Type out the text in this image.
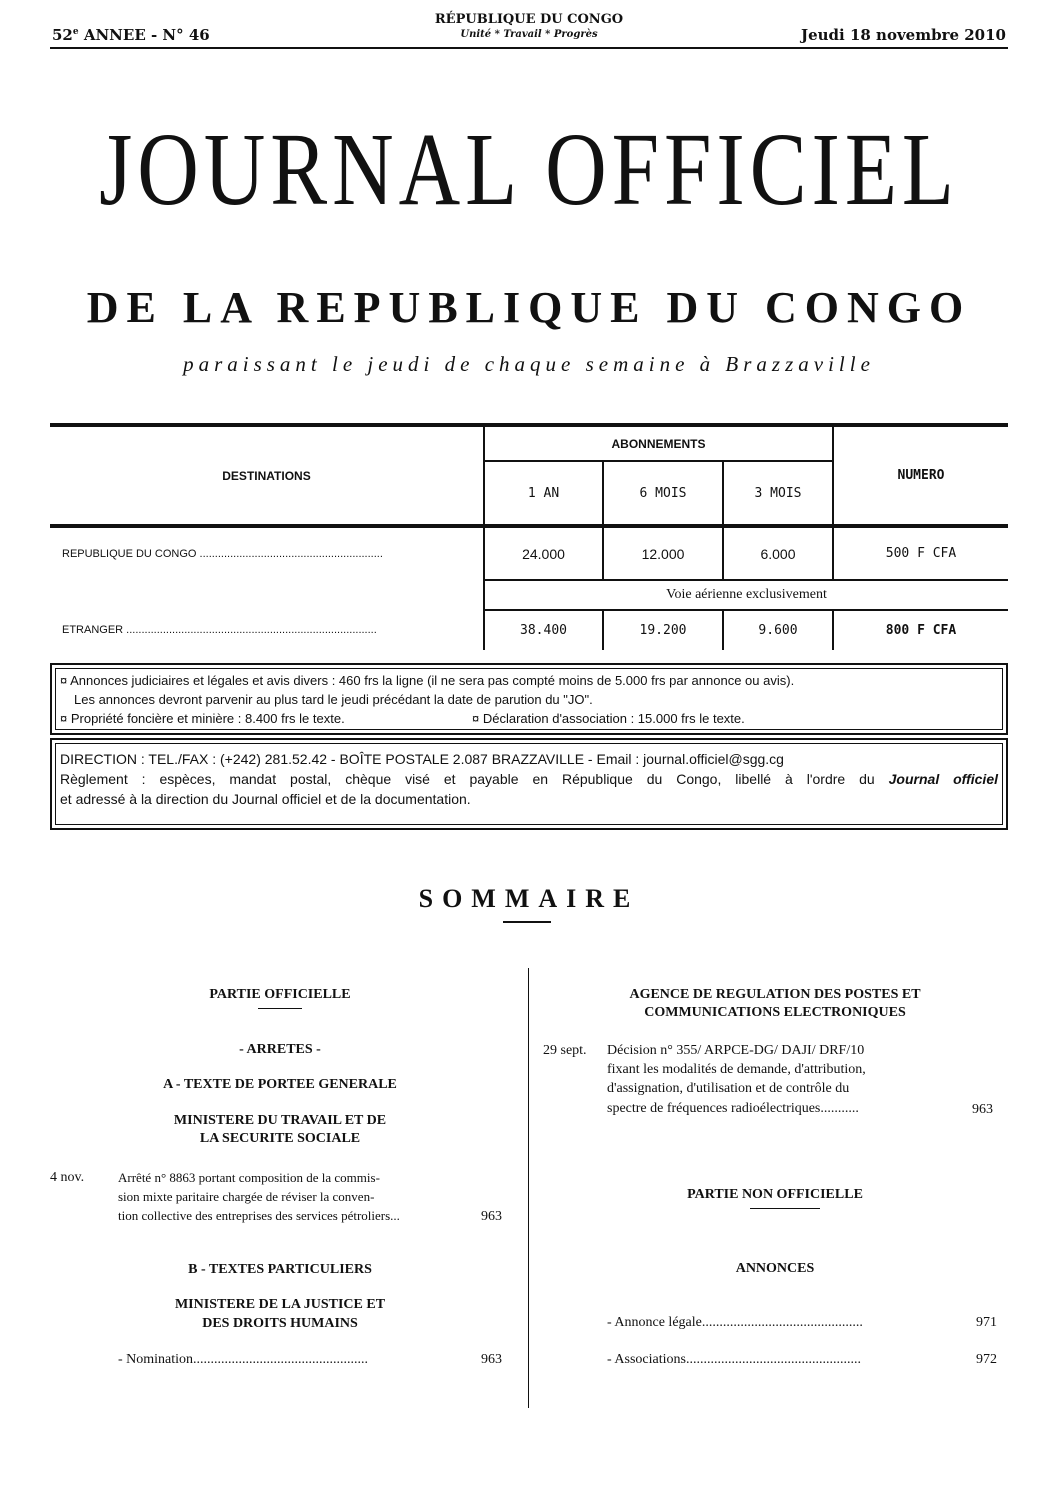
52e ANNEE - N° 46
RÉPUBLIQUE DU CONGO
Unité * Travail * Progrès	Jeudi 18 novembre 2010
JOURNAL OFFICIEL
DE LA REPUBLIQUE DU CONGO
paraissant le jeudi de chaque semaine à Brazzaville
DESTINATIONS	ABONNEMENTS			NUMERO
	1 AN	6 MOIS	3 MOIS	
REPUBLIQUE DU CONGO ............................................................	24.000	12.000	6.000	500 F CFA
	Voie aérienne exclusivement			
ETRANGER ..................................................................................	38.400	19.200	9.600	800 F CFA
¤ Annonces judiciaires et légales et avis divers : 460 frs la ligne (il ne sera pas compté moins de 5.000 frs par annonce ou avis).
Les annonces devront parvenir au plus tard le jeudi précédant la date de parution du "JO".
¤ Propriété foncière et minière : 8.400 frs le texte.	¤ Déclaration d'association : 15.000 frs le texte.
DIRECTION : TEL./FAX : (+242) 281.52.42 - BOÎTE POSTALE 2.087 BRAZZAVILLE - Email : journal.officiel@sgg.cg
Règlement : espèces, mandat postal, chèque visé et payable en République du Congo, libellé à l'ordre du Journal officiel
et adressé à la direction du Journal officiel et de la documentation.
SOMMAIRE
PARTIE OFFICIELLE
- ARRETES -
A - TEXTE DE PORTEE GENERALE
MINISTERE DU TRAVAIL ET DE
LA SECURITE SOCIALE
4 nov.	Arrêté n° 8863 portant composition de la commis-
sion mixte paritaire chargée de réviser la conven-
tion collective des entreprises des services pétroliers...	963
B - TEXTES PARTICULIERS
MINISTERE DE LA JUSTICE ET
DES DROITS HUMAINS
- Nomination..................................................	963
AGENCE DE REGULATION DES POSTES ET
COMMUNICATIONS ELECTRONIQUES
29 sept. Décision n° 355/ ARPCE-DG/ DAJI/ DRF/10
fixant les modalités de demande, d'attribution,
d'assignation, d'utilisation et de contrôle du
spectre de fréquences radioélectriques...........	963
PARTIE NON OFFICIELLE
ANNONCES
- Annonce légale..............................................	971
- Associations..................................................	972
